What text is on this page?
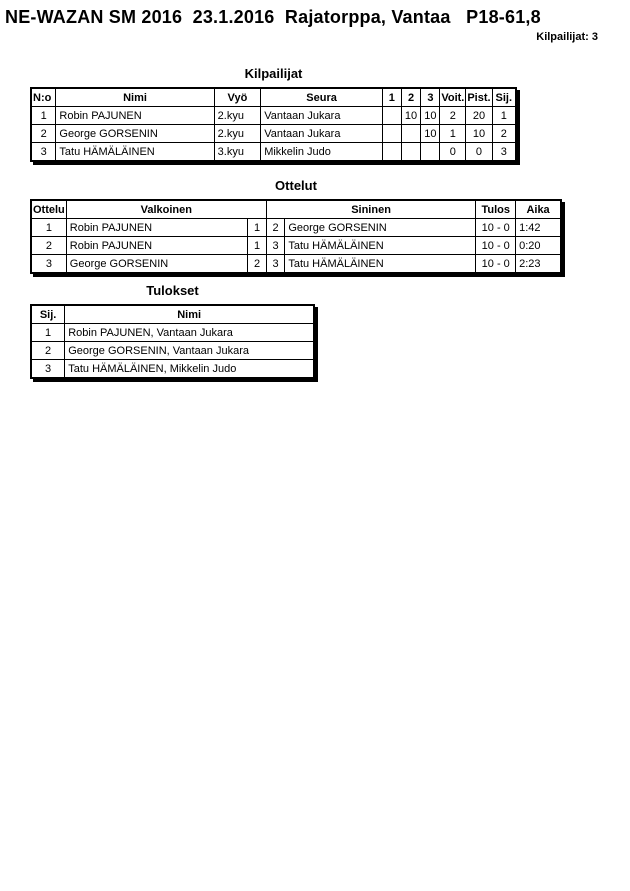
NE-WAZAN SM 2016  23.1.2016  Rajatorppa, Vantaa   P18-61,8
Kilpailijat: 3
Kilpailijat
N:o	Nimi	Vyö	Seura	1	2	3	Voit.	Pist.	Sij.
1	Robin PAJUNEN	2.kyu	Vantaan Jukara		10	10	2	20	1
2	George GORSENIN	2.kyu	Vantaan Jukara			10	1	10	2
3	Tatu HÄMÄLÄINEN	3.kyu	Mikkelin Judo				0	0	3
Ottelut
Ottelu	Valkoinen		Sininen		Tulos	Aika
1	Robin PAJUNEN	1	2	George GORSENIN	10 - 0	1:42
2	Robin PAJUNEN	1	3	Tatu HÄMÄLÄINEN	10 - 0	0:20
3	George GORSENIN	2	3	Tatu HÄMÄLÄINEN	10 - 0	2:23
Tulokset
Sij.	Nimi
1	Robin PAJUNEN, Vantaan Jukara
2	George GORSENIN, Vantaan Jukara
3	Tatu HÄMÄLÄINEN, Mikkelin Judo
